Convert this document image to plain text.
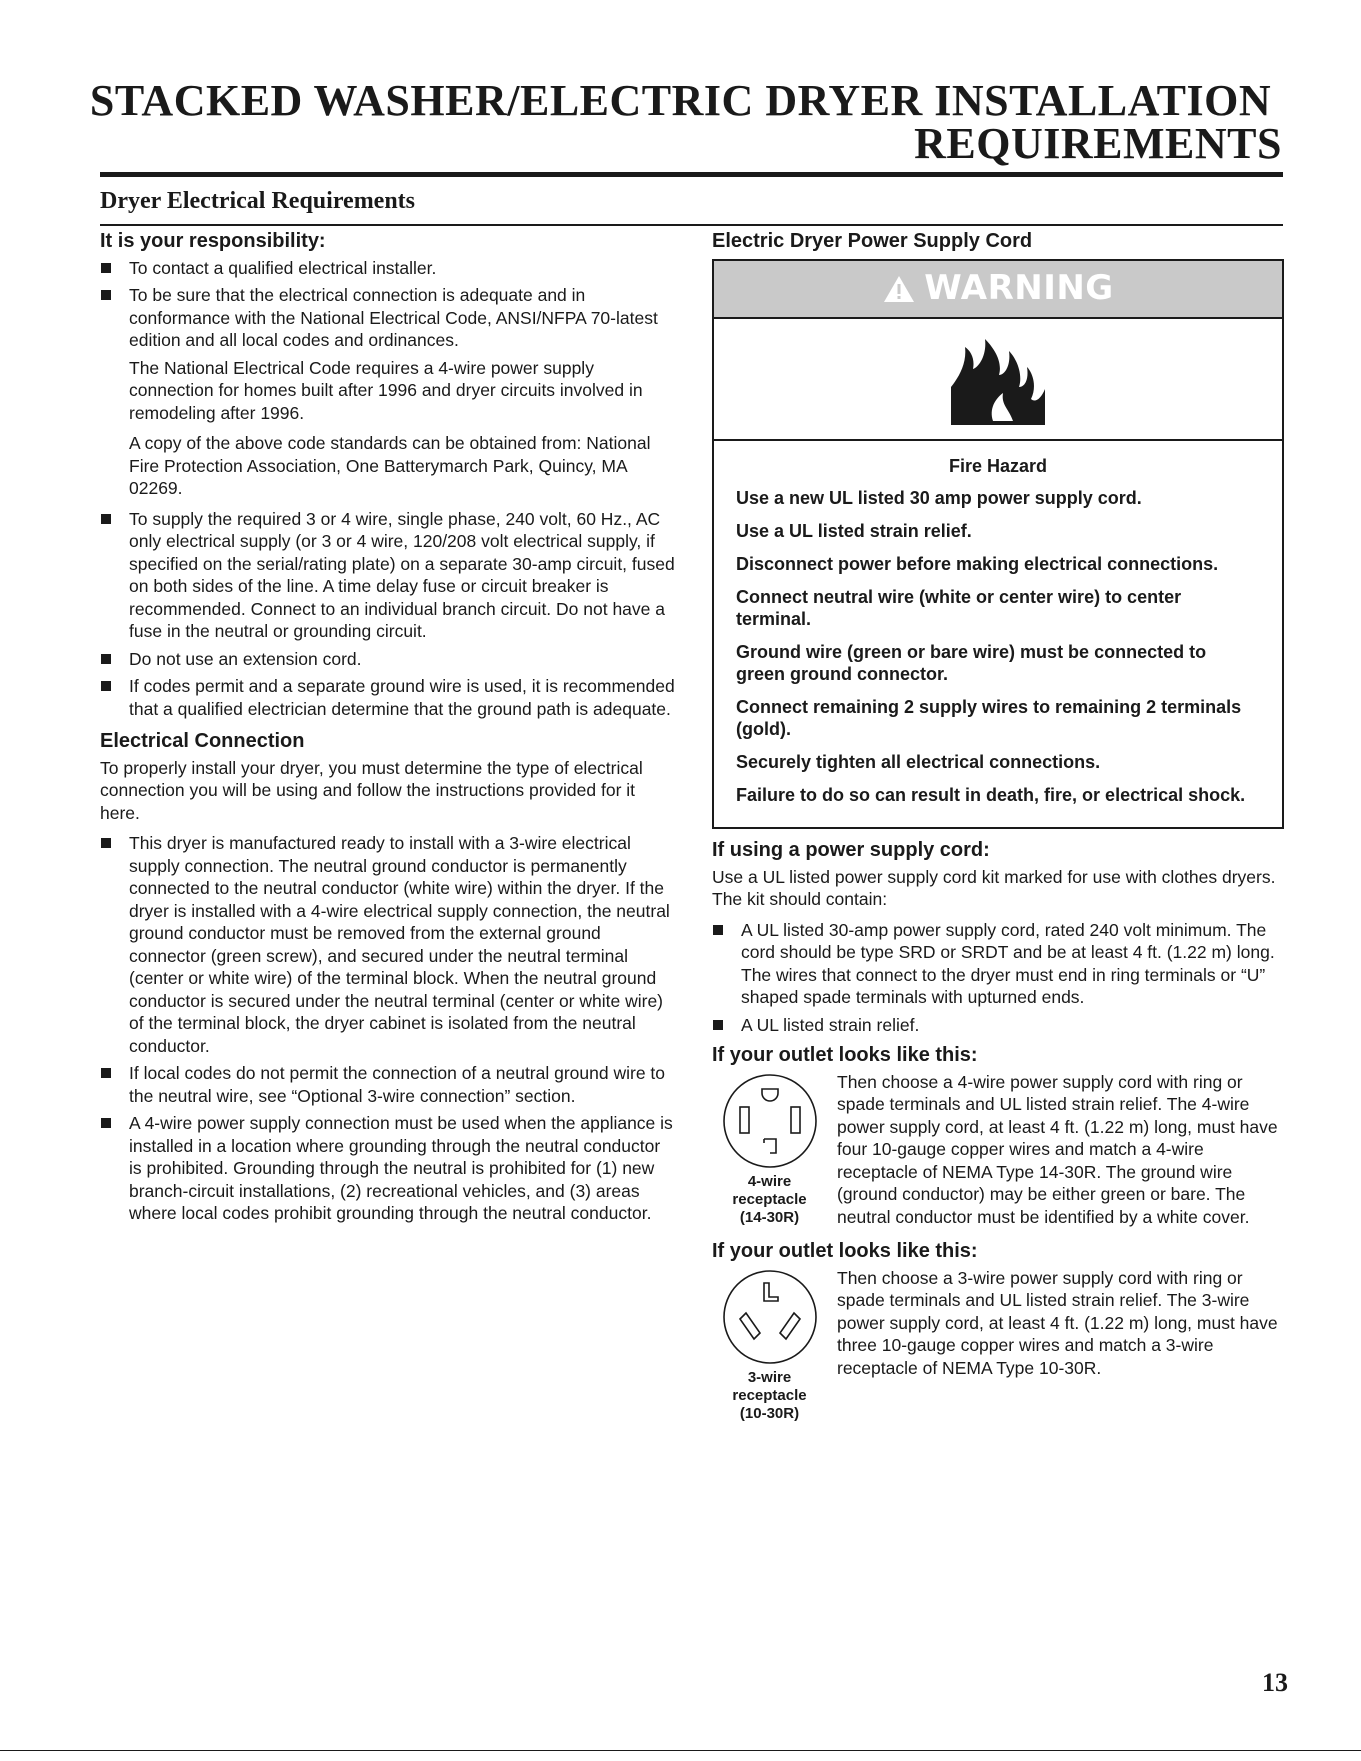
STACKED WASHER/ELECTRIC DRYER INSTALLATION
REQUIREMENTS
Dryer Electrical Requirements
It is your responsibility:
To contact a qualified electrical installer.
To be sure that the electrical connection is adequate and in conformance with the National Electrical Code, ANSI/NFPA 70-latest edition and all local codes and ordinances.

The National Electrical Code requires a 4-wire power supply connection for homes built after 1996 and dryer circuits involved in remodeling after 1996.

A copy of the above code standards can be obtained from: National Fire Protection Association, One Batterymarch Park, Quincy, MA 02269.

To supply the required 3 or 4 wire, single phase, 240 volt, 60 Hz., AC only electrical supply (or 3 or 4 wire, 120/208 volt electrical supply, if specified on the serial/rating plate) on a separate 30-amp circuit, fused on both sides of the line. A time delay fuse or circuit breaker is recommended. Connect to an individual branch circuit. Do not have a fuse in the neutral or grounding circuit.
Do not use an extension cord.
If codes permit and a separate ground wire is used, it is recommended that a qualified electrician determine that the ground path is adequate.
Electrical Connection

To properly install your dryer, you must determine the type of electrical connection you will be using and follow the instructions provided for it here.

This dryer is manufactured ready to install with a 3-wire electrical supply connection. The neutral ground conductor is permanently connected to the neutral conductor (white wire) within the dryer. If the dryer is installed with a 4-wire electrical supply connection, the neutral ground conductor must be removed from the external ground connector (green screw), and secured under the neutral terminal (center or white wire) of the terminal block. When the neutral ground conductor is secured under the neutral terminal (center or white wire) of the terminal block, the dryer cabinet is isolated from the neutral conductor.
If local codes do not permit the connection of a neutral ground wire to the neutral wire, see “Optional 3-wire connection” section.
A 4-wire power supply connection must be used when the appliance is installed in a location where grounding through the neutral conductor is prohibited. Grounding through the neutral is prohibited for (1) new branch-circuit installations, (2) recreational vehicles, and (3) areas where local codes prohibit grounding through the neutral conductor.
Electric Dryer Power Supply Cord
WARNING
Fire Hazard

Use a new UL listed 30 amp power supply cord.

Use a UL listed strain relief.

Disconnect power before making electrical connections.

Connect neutral wire (white or center wire) to center terminal.

Ground wire (green or bare wire) must be connected to green ground connector.

Connect remaining 2 supply wires to remaining 2 terminals (gold).

Securely tighten all electrical connections.

Failure to do so can result in death, fire, or electrical shock.

If using a power supply cord:

Use a UL listed power supply cord kit marked for use with clothes dryers. The kit should contain:

A UL listed 30-amp power supply cord, rated 240 volt minimum. The cord should be type SRD or SRDT and be at least 4 ft. (1.22 m) long. The wires that connect to the dryer must end in ring terminals or “U” shaped spade terminals with upturned ends.
A UL listed strain relief.
If your outlet looks like this:
4-wire
receptacle
(14-30R)
Then choose a 4-wire power supply cord with ring or spade terminals and UL listed strain relief. The 4-wire power supply cord, at least 4 ft. (1.22 m) long, must have four 10-gauge copper wires and match a 4-wire receptacle of NEMA Type 14-30R. The ground wire (ground conductor) may be either green or bare. The neutral conductor must be identified by a white cover.
If your outlet looks like this:
3-wire
receptacle
(10-30R)
Then choose a 3-wire power supply cord with ring or spade terminals and UL listed strain relief. The 3-wire power supply cord, at least 4 ft. (1.22 m) long, must have three 10-gauge copper wires and match a 3-wire receptacle of NEMA Type 10-30R.
13
